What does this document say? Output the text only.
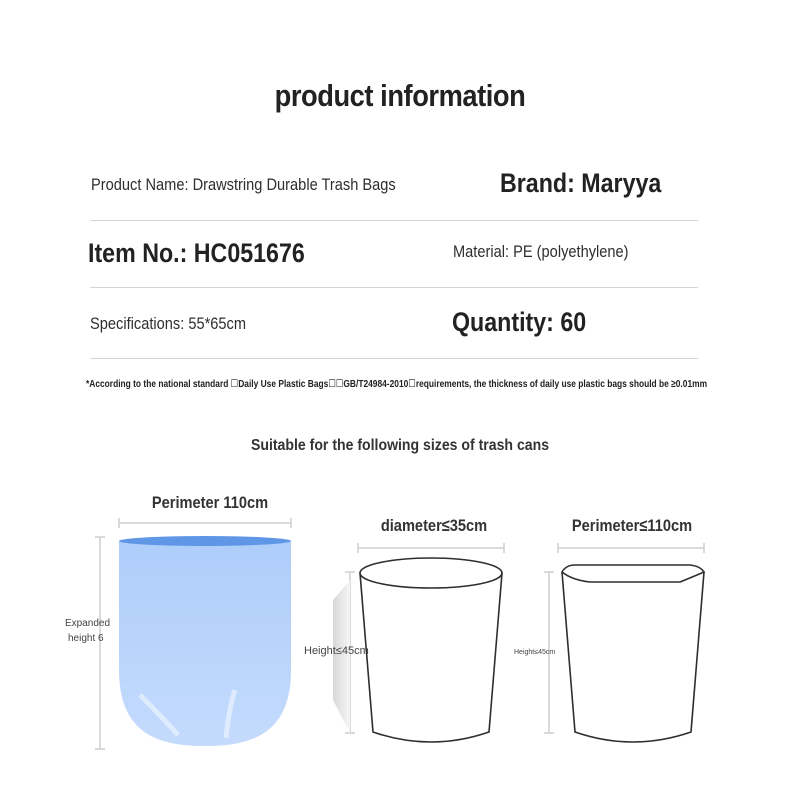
product information
Product Name: Drawstring Durable Trash Bags	Brand: Maryya
Item No.: HC051676	Material: PE (polyethylene)
Specifications: 55*65cm	Quantity: 60
*According to the national standard ☐Daily Use Plastic Bags☐☐GB/T24984-2010☐requirements, the thickness of daily use plastic bags should be ≥0.01mm
Suitable for the following sizes of trash cans
Perimeter 110cm
Expanded
height 6
diameter≤35cm
Height≤45cm
Perimeter≤110cm
Height≤45cm
